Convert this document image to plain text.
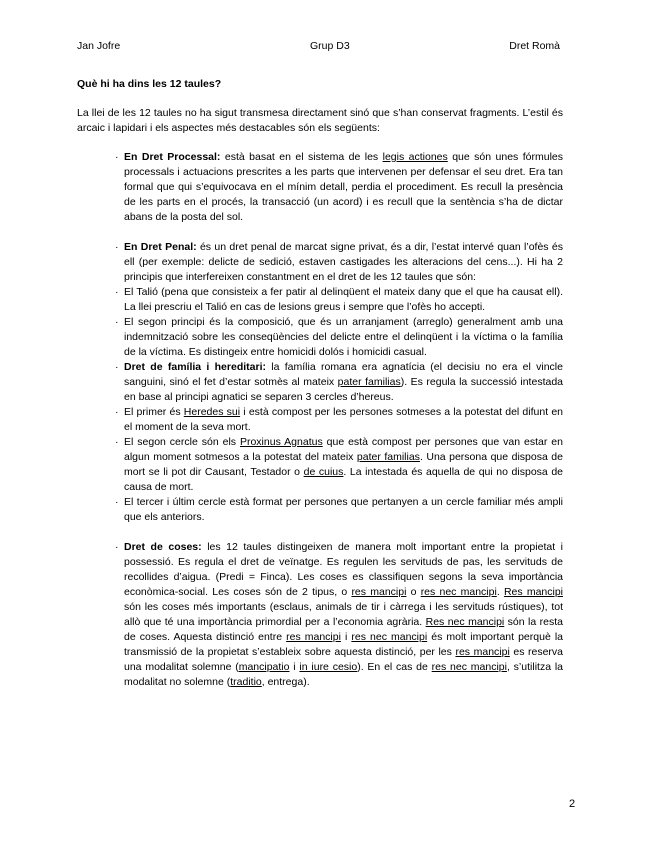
Jan Jofre	Grup D3	Dret Romà

Què hi ha dins les 12 taules?

La llei de les 12 taules no ha sigut transmesa directament sinó que s’han conservat fragments. L’estil és arcaic i lapidari i els aspectes més destacables són els següents:

· En Dret Processal: està basat en el sistema de les legis actiones que són unes fórmules processals i actuacions prescrites a les parts que intervenen per defensar el seu dret. Era tan formal que qui s’equivocava en el mínim detall, perdia el procediment. Es recull la presència de les parts en el procés, la transacció (un acord) i es recull que la sentència s’ha de dictar abans de la posta del sol.
· En Dret Penal: és un dret penal de marcat signe privat, és a dir, l’estat intervé quan l’ofès és ell (per exemple: delicte de sedició, estaven castigades les alteracions del cens...). Hi ha 2 principis que interfereixen constantment en el dret de les 12 taules que són:
· El Talió (pena que consisteix a fer patir al delinqüent el mateix dany que el que ha causat ell). La llei prescriu el Talió en cas de lesions greus i sempre que l’ofès ho accepti.
· El segon principi és la composició, que és un arranjament (arreglo) generalment amb una indemnització sobre les conseqüències del delicte entre el delinqüent i la víctima o la família de la víctima. Es distingeix entre homicidi dolós i homicidi casual.
· Dret de família i hereditari: la família romana era agnatícia (el decisiu no era el vincle sanguini, sinó el fet d’estar sotmès al mateix pater familias). Es regula la successió intestada en base al principi agnatici se separen 3 cercles d’hereus.
· El primer és Heredes sui i està compost per les persones sotmeses a la potestat del difunt en el moment de la seva mort.
· El segon cercle són els Proxinus Agnatus que està compost per persones que van estar en algun moment sotmesos a la potestat del mateix pater familias. Una persona que disposa de mort se li pot dir Causant, Testador o de cuius. La intestada és aquella de qui no disposa de causa de mort.
· El tercer i últim cercle està format per persones que pertanyen a un cercle familiar més ampli que els anteriors.
· Dret de coses: les 12 taules distingeixen de manera molt important entre la propietat i possessió. Es regula el dret de veïnatge. Es regulen les servituds de pas, les servituds de recollides d’aigua. (Predi = Finca). Les coses es classifiquen segons la seva importància econòmica-social. Les coses són de 2 tipus, o res mancipi o res nec mancipi. Res mancipi són les coses més importants (esclaus, animals de tir i càrrega i les servituds rústiques), tot allò que té una importància primordial per a l’economia agrària. Res nec mancipi són la resta de coses. Aquesta distinció entre res mancipi i res nec mancipi és molt important perquè la transmissió de la propietat s’estableix sobre aquesta distinció, per les res mancipi es reserva una modalitat solemne (mancipatio i in iure cesio). En el cas de res nec mancipi, s’utilitza la modalitat no solemne (traditio, entrega).
2
